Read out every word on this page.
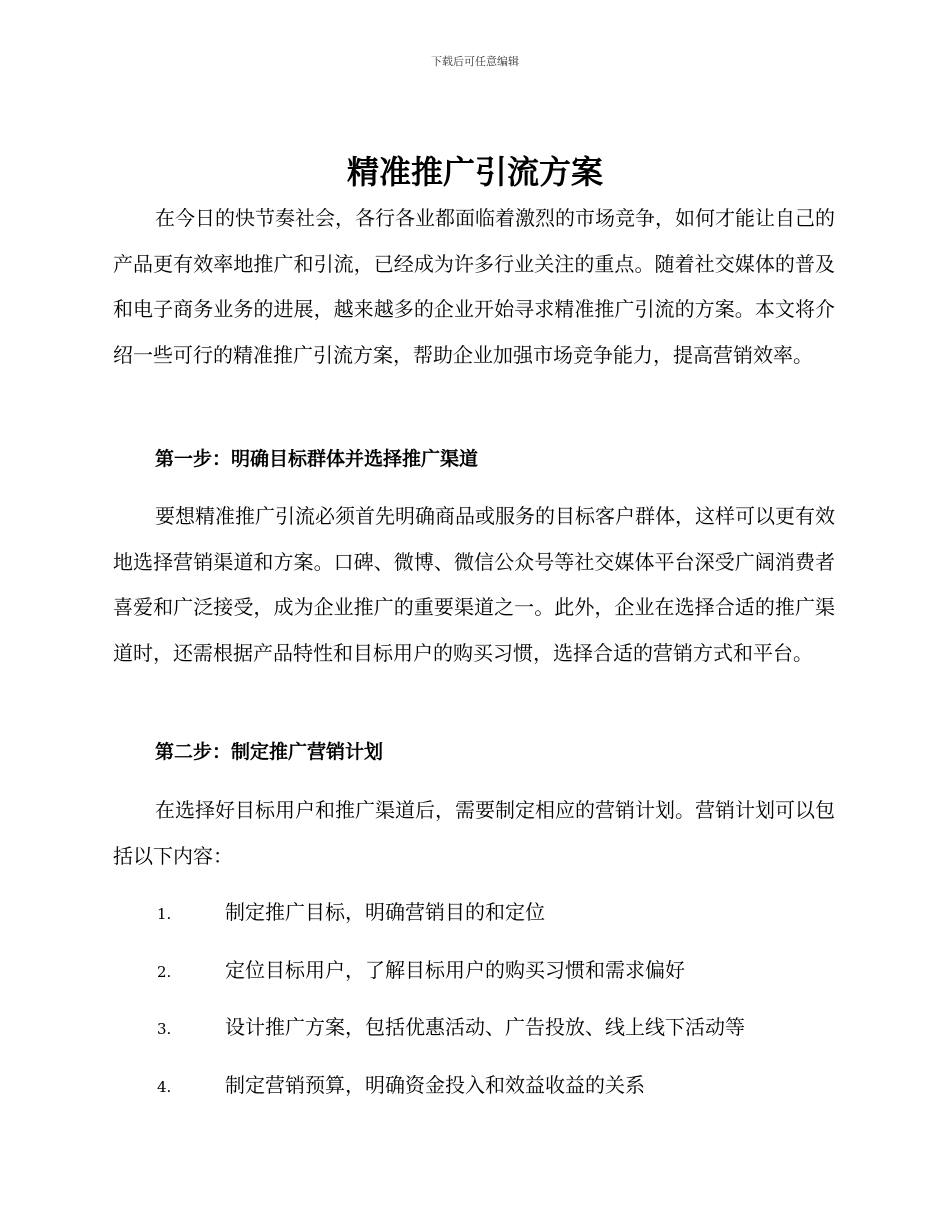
下载后可任意编辑
精准推广引流方案

在今日的快节奏社会，各行各业都面临着激烈的市场竞争，如何才能让自己的产品更有效率地推广和引流，已经成为许多行业关注的重点。随着社交媒体的普及和电子商务业务的进展，越来越多的企业开始寻求精准推广引流的方案。本文将介绍一些可行的精准推广引流方案，帮助企业加强市场竞争能力，提高营销效率。

第一步：明确目标群体并选择推广渠道

要想精准推广引流必须首先明确商品或服务的目标客户群体，这样可以更有效地选择营销渠道和方案。口碑、微博、微信公众号等社交媒体平台深受广阔消费者喜爱和广泛接受，成为企业推广的重要渠道之一。此外，企业在选择合适的推广渠道时，还需根据产品特性和目标用户的购买习惯，选择合适的营销方式和平台。

第二步：制定推广营销计划

在选择好目标用户和推广渠道后，需要制定相应的营销计划。营销计划可以包括以下内容：

1.	制定推广目标，明确营销目的和定位
2.	定位目标用户，了解目标用户的购买习惯和需求偏好
3.	设计推广方案，包括优惠活动、广告投放、线上线下活动等
4.	制定营销预算，明确资金投入和效益收益的关系
